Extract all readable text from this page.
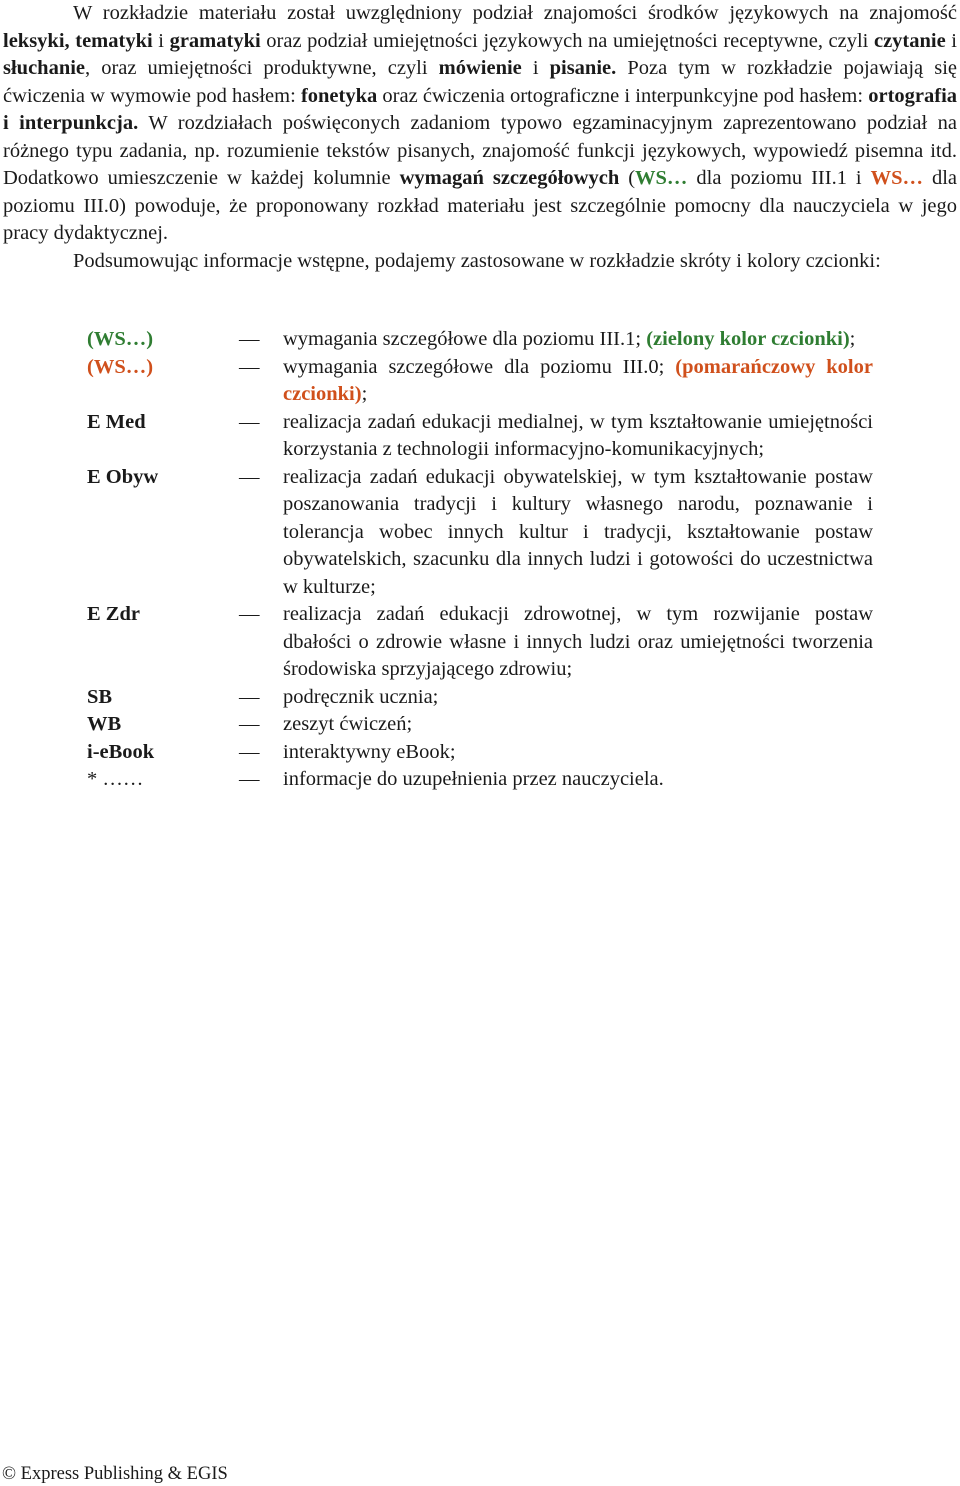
W rozkładzie materiału został uwzględniony podział znajomości środków językowych na znajomość leksyki, tematyki i gramatyki oraz podział umiejętności językowych na umiejętności receptywne, czyli czytanie i słuchanie, oraz umiejętności produktywne, czyli mówienie i pisanie. Poza tym w rozkładzie pojawiają się ćwiczenia w wymowie pod hasłem: fonetyka oraz ćwiczenia ortograficzne i interpunkcyjne pod hasłem: ortografia i interpunkcja. W rozdziałach poświęconych zadaniom typowo egzaminacyjnym zaprezentowano podział na różnego typu zadania, np. rozumienie tekstów pisanych, znajomość funkcji językowych, wypowiedź pisemna itd. Dodatkowo umieszczenie w każdej kolumnie wymagań szczegółowych (WS… dla poziomu III.1 i WS… dla poziomu III.0) powoduje, że proponowany rozkład materiału jest szczególnie pomocny dla nauczyciela w jego pracy dydaktycznej.

Podsumowując informacje wstępne, podajemy zastosowane w rozkładzie skróty i kolory czcionki:

(WS…)	—	wymagania szczegółowe dla poziomu III.1; (zielony kolor czcionki);
(WS…)	—	wymagania szczegółowe dla poziomu III.0; (pomarańczowy kolor czcionki);
E Med	—	realizacja zadań edukacji medialnej, w tym kształtowanie umiejętności korzystania z technologii informacyjno-komunikacyjnych;
E Obyw	—	realizacja zadań edukacji obywatelskiej, w tym kształtowanie postaw poszanowania tradycji i kultury własnego narodu, poznawanie i tolerancja wobec innych kultur i tradycji, kształtowanie postaw obywatelskich, szacunku dla innych ludzi i gotowości do uczestnictwa w kulturze;
E Zdr	—	realizacja zadań edukacji zdrowotnej, w tym rozwijanie postaw dbałości o zdrowie własne i innych ludzi oraz umiejętności tworzenia środowiska sprzyjającego zdrowiu;
SB	—	podręcznik ucznia;
WB	—	zeszyt ćwiczeń;
i-eBook	—	interaktywny eBook;
* ……	—	informacje do uzupełnienia przez nauczyciela.
© Express Publishing & EGIS
